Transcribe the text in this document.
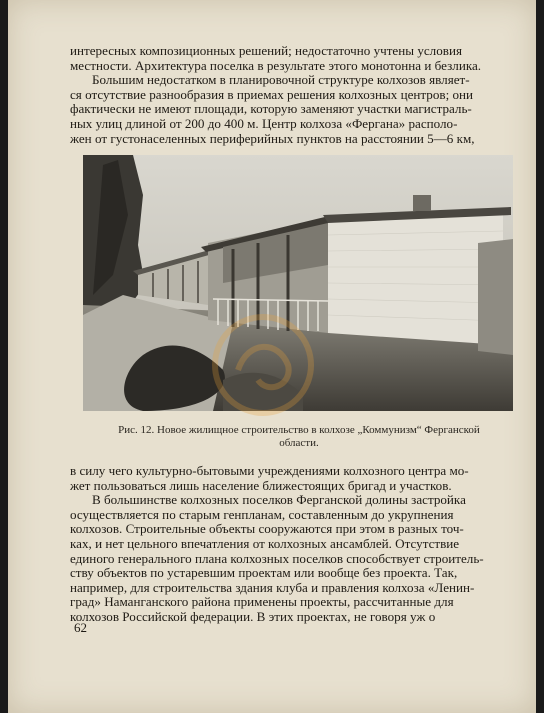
интересных композиционных решений; недостаточно учтены условия
местности. Архитектура поселка в результате этого монотонна и безлика.
Большим недостатком в планировочной структуре колхозов являет-
ся отсутствие разнообразия в приемах решения колхозных центров; они
фактически не имеют площади, которую заменяют участки магистраль-
ных улиц длиной от 200 до 400 м. Центр колхоза «Фергана» располо-
жен от густонаселенных периферийных пунктов на расстоянии 5—6 км,

Рис. 12. Новое жилищное строительство в колхозе „Коммунизм“ Ферганской
области.

в силу чего культурно-бытовыми учреждениями колхозного центра мо-
жет пользоваться лишь население ближестоящих бригад и участков.
В большинстве колхозных поселков Ферганской долины застройка
осуществляется по старым генпланам, составленным до укрупнения
колхозов. Строительные объекты сооружаются при этом в разных точ-
ках, и нет цельного впечатления от колхозных ансамблей. Отсутствие
единого генерального плана колхозных поселков способствует строитель-
ству объектов по устаревшим проектам или вообще без проекта. Так,
например, для строительства здания клуба и правления колхоза «Ленин-
град» Наманганского района применены проекты, рассчитанные для
колхозов Российской федерации. В этих проектах, не говоря уж о

62
